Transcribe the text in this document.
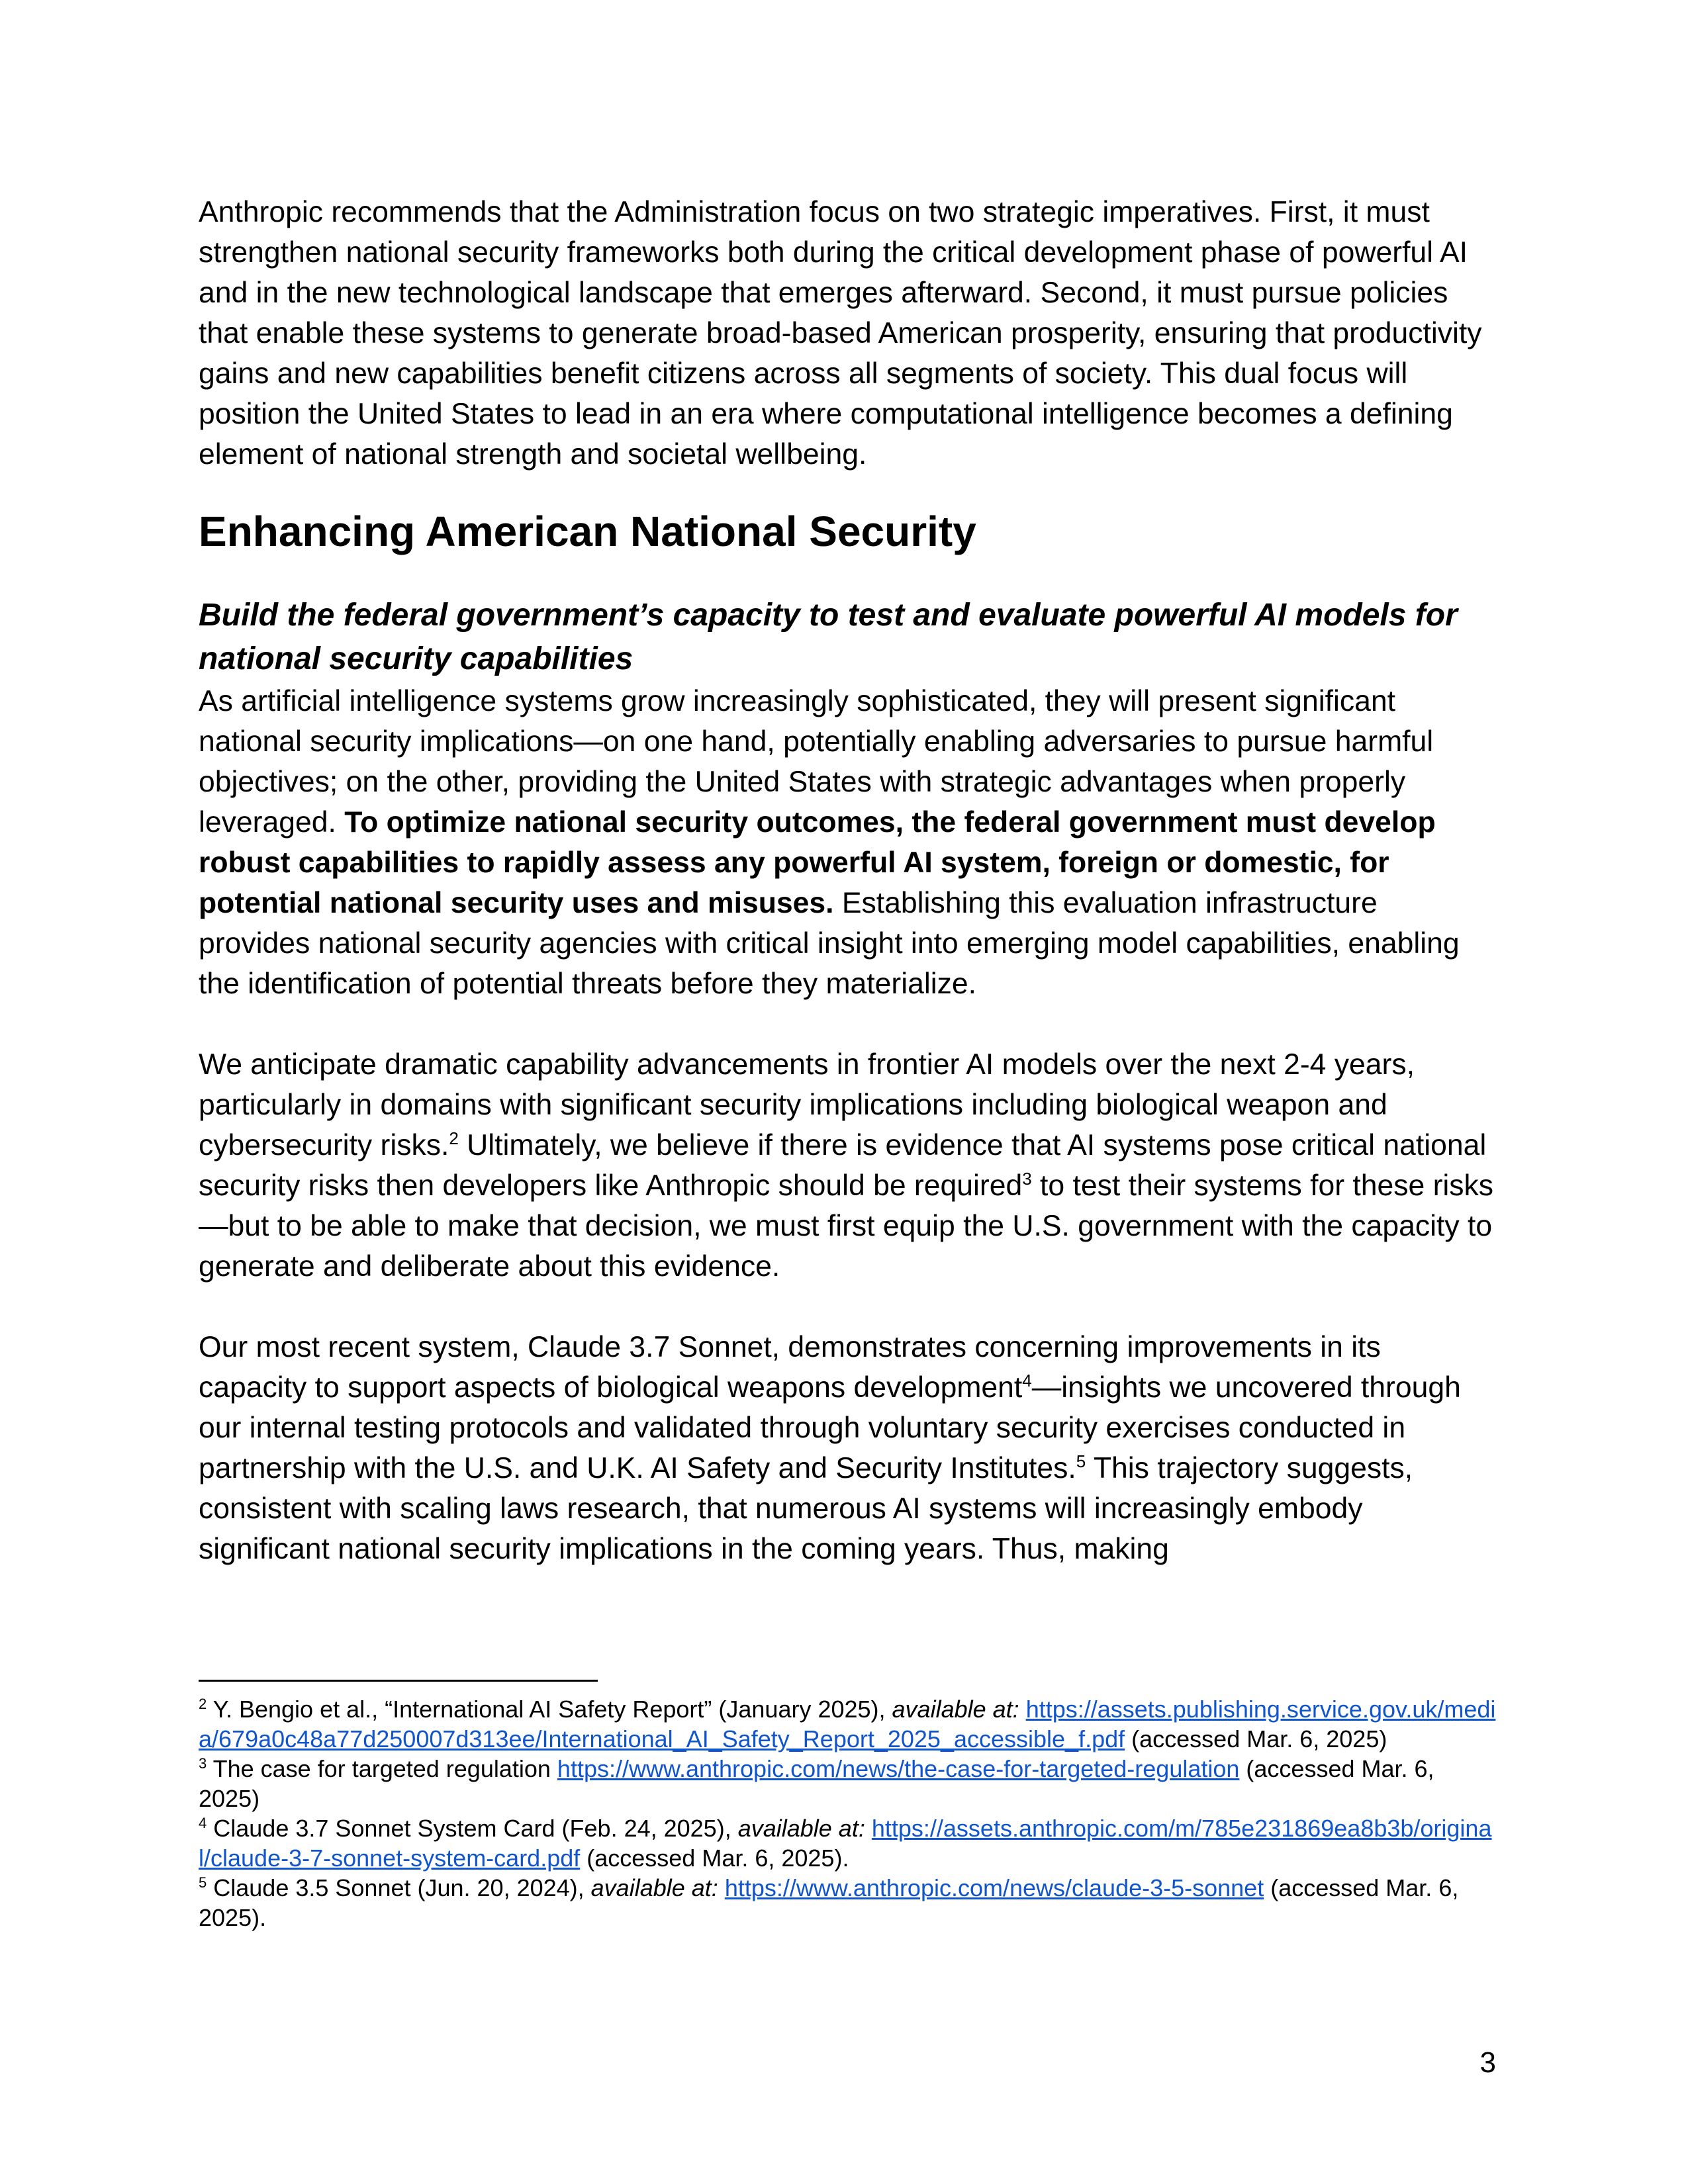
Anthropic recommends that the Administration focus on two strategic imperatives. First, it must strengthen national security frameworks both during the critical development phase of powerful AI and in the new technological landscape that emerges afterward. Second, it must pursue policies that enable these systems to generate broad-based American prosperity, ensuring that productivity gains and new capabilities benefit citizens across all segments of society. This dual focus will position the United States to lead in an era where computational intelligence becomes a defining element of national strength and societal wellbeing.

Enhancing American National Security
Build the federal government’s capacity to test and evaluate powerful AI models for national security capabilities

As artificial intelligence systems grow increasingly sophisticated, they will present significant national security implications—on one hand, potentially enabling adversaries to pursue harmful objectives; on the other, providing the United States with strategic advantages when properly leveraged. To optimize national security outcomes, the federal government must develop robust capabilities to rapidly assess any powerful AI system, foreign or domestic, for potential national security uses and misuses. Establishing this evaluation infrastructure provides national security agencies with critical insight into emerging model capabilities, enabling the identification of potential threats before they materialize.

We anticipate dramatic capability advancements in frontier AI models over the next 2-4 years, particularly in domains with significant security implications including biological weapon and cybersecurity risks.$^2$ Ultimately, we believe if there is evidence that AI systems pose critical national security risks then developers like Anthropic should be required$^3$ to test their systems for these risks—but to be able to make that decision, we must first equip the U.S. government with the capacity to generate and deliberate about this evidence.

Our most recent system, Claude 3.7 Sonnet, demonstrates concerning improvements in its capacity to support aspects of biological weapons development$^4$—insights we uncovered through our internal testing protocols and validated through voluntary security exercises conducted in partnership with the U.S. and U.K. AI Safety and Security Institutes.$^5$ This trajectory suggests, consistent with scaling laws research, that numerous AI systems will increasingly embody significant national security implications in the coming years. Thus, making

$^2$ Y. Bengio et al., “International AI Safety Report” (January 2025), available at: https://assets.publishing.service.gov.uk/media/679a0c48a77d250007d313ee/International_AI_Safety_Report_2025_accessible_f.pdf (accessed Mar. 6, 2025)
$^3$ The case for targeted regulation https://www.anthropic.com/news/the-case-for-targeted-regulation (accessed Mar. 6, 2025)
$^4$ Claude 3.7 Sonnet System Card (Feb. 24, 2025), available at: https://assets.anthropic.com/m/785e231869ea8b3b/original/claude-3-7-sonnet-system-card.pdf (accessed Mar. 6, 2025).
$^5$ Claude 3.5 Sonnet (Jun. 20, 2024), available at: https://www.anthropic.com/news/claude-3-5-sonnet (accessed Mar. 6, 2025).
3
